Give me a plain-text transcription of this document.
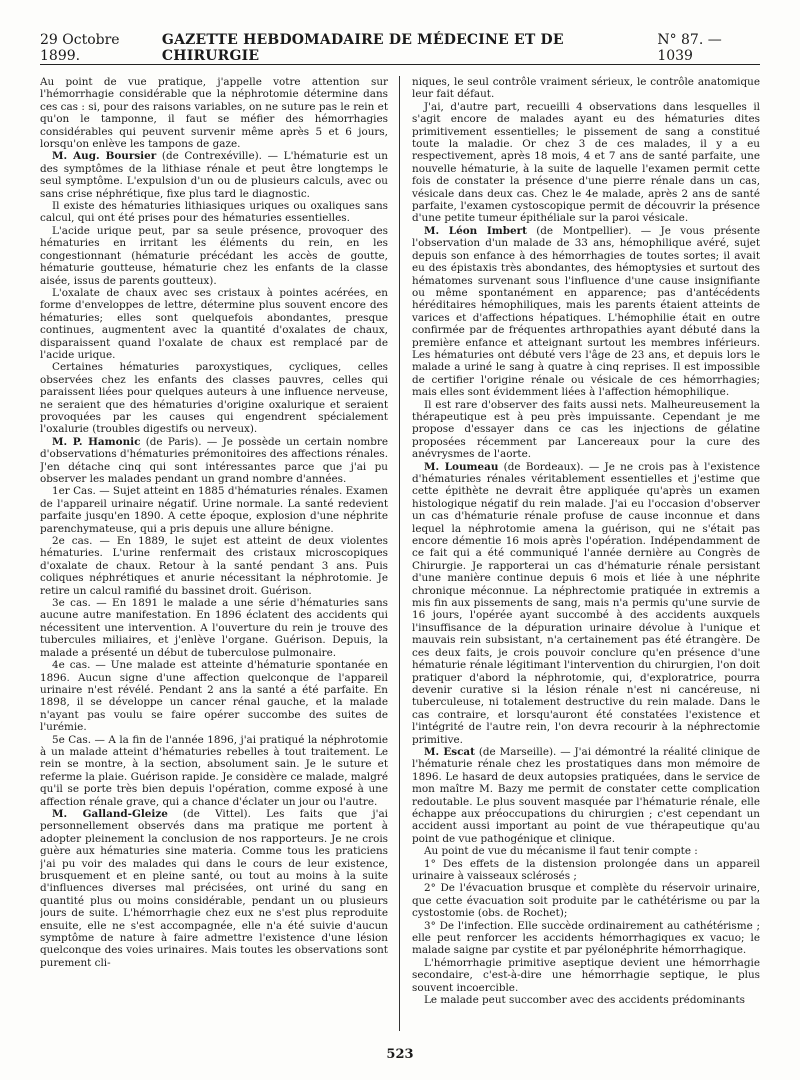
29 Octobre 1899.
GAZETTE HEBDOMADAIRE DE MÉDECINE ET DE CHIRURGIE
N° 87. — 1039

Au point de vue pratique, j'appelle votre attention sur l'hémorrhagie considérable que la néphrotomie détermine dans ces cas : si, pour des raisons variables, on ne suture pas le rein et qu'on le tamponne, il faut se méfier des hémorrhagies considérables qui peuvent survenir même après 5 et 6 jours, lorsqu'on enlève les tampons de gaze.

M. Aug. Boursier (de Contrexéville). — L'hématurie est un des symptômes de la lithiase rénale et peut être longtemps le seul symptôme. L'expulsion d'un ou de plusieurs calculs, avec ou sans crise néphrétique, fixe plus tard le diagnostic.

Il existe des hématuries lithiasiques uriques ou oxaliques sans calcul, qui ont été prises pour des hématuries essentielles.

L'acide urique peut, par sa seule présence, provoquer des hématuries en irritant les éléments du rein, en les congestionnant (hématurie précédant les accès de goutte, hématurie goutteuse, hématurie chez les enfants de la classe aisée, issus de parents goutteux).

L'oxalate de chaux avec ses cristaux à pointes acérées, en forme d'enveloppes de lettre, détermine plus souvent encore des hématuries; elles sont quelquefois abondantes, presque continues, augmentent avec la quantité d'oxalates de chaux, disparaissent quand l'oxalate de chaux est remplacé par de l'acide urique.

Certaines hématuries paroxystiques, cycliques, celles observées chez les enfants des classes pauvres, celles qui paraissent liées pour quelques auteurs à une influence nerveuse, ne seraient que des hématuries d'origine oxalurique et seraient provoquées par les causes qui engendrent spécialement l'oxalurie (troubles digestifs ou nerveux).

M. P. Hamonic (de Paris). — Je possède un certain nombre d'observations d'hématuries prémonitoires des affections rénales. J'en détache cinq qui sont intéressantes parce que j'ai pu observer les malades pendant un grand nombre d'années.

1er Cas. — Sujet atteint en 1885 d'hématuries rénales. Examen de l'appareil urinaire négatif. Urine normale. La santé redevient parfaite jusqu'en 1890. A cette époque, explosion d'une néphrite parenchymateuse, qui a pris depuis une allure bénigne.

2e cas. — En 1889, le sujet est atteint de deux violentes hématuries. L'urine renfermait des cristaux microscopiques d'oxalate de chaux. Retour à la santé pendant 3 ans. Puis coliques néphrétiques et anurie nécessitant la néphrotomie. Je retire un calcul ramifié du bassinet droit. Guérison.

3e cas. — En 1891 le malade a une série d'hématuries sans aucune autre manifestation. En 1896 éclatent des accidents qui nécessitent une intervention. A l'ouverture du rein je trouve des tubercules miliaires, et j'enlève l'organe. Guérison. Depuis, la malade a présenté un début de tuberculose pulmonaire.

4e cas. — Une malade est atteinte d'hématurie spontanée en 1896. Aucun signe d'une affection quelconque de l'appareil urinaire n'est révélé. Pendant 2 ans la santé a été parfaite. En 1898, il se développe un cancer rénal gauche, et la malade n'ayant pas voulu se faire opérer succombe des suites de l'urémie.

5e Cas. — A la fin de l'année 1896, j'ai pratiqué la néphrotomie à un malade atteint d'hématuries rebelles à tout traitement. Le rein se montre, à la section, absolument sain. Je le suture et referme la plaie. Guérison rapide. Je considère ce malade, malgré qu'il se porte très bien depuis l'opération, comme exposé à une affection rénale grave, qui a chance d'éclater un jour ou l'autre.

M. Galland-Gleize (de Vittel). Les faits que j'ai personnellement observés dans ma pratique me portent à adopter pleinement la conclusion de nos rapporteurs. Je ne crois guère aux hématuries sine materia. Comme tous les praticiens j'ai pu voir des malades qui dans le cours de leur existence, brusquement et en pleine santé, ou tout au moins à la suite d'influences diverses mal précisées, ont uriné du sang en quantité plus ou moins considérable, pendant un ou plusieurs jours de suite. L'hémorrhagie chez eux ne s'est plus reproduite ensuite, elle ne s'est accompagnée, elle n'a été suivie d'aucun symptôme de nature à faire admettre l'existence d'une lésion quelconque des voies urinaires. Mais toutes les observations sont purement cli-

niques, le seul contrôle vraiment sérieux, le contrôle anatomique leur fait défaut.

J'ai, d'autre part, recueilli 4 observations dans lesquelles il s'agit encore de malades ayant eu des hématuries dites primitivement essentielles; le pissement de sang a constitué toute la maladie. Or chez 3 de ces malades, il y a eu respectivement, après 18 mois, 4 et 7 ans de santé parfaite, une nouvelle hématurie, à la suite de laquelle l'examen permit cette fois de constater la présence d'une pierre rénale dans un cas, vésicale dans deux cas. Chez le 4e malade, après 2 ans de santé parfaite, l'examen cystoscopique permit de découvrir la présence d'une petite tumeur épithéliale sur la paroi vésicale.

M. Léon Imbert (de Montpellier). — Je vous présente l'observation d'un malade de 33 ans, hémophilique avéré, sujet depuis son enfance à des hémorrhagies de toutes sortes; il avait eu des épistaxis très abondantes, des hémoptysies et surtout des hématomes survenant sous l'influence d'une cause insignifiante ou même spontanément en apparence; pas d'antécédents héréditaires hémophiliques, mais les parents étaient atteints de varices et d'affections hépatiques. L'hémophilie était en outre confirmée par de fréquentes arthropathies ayant débuté dans la première enfance et atteignant surtout les membres inférieurs. Les hématuries ont débuté vers l'âge de 23 ans, et depuis lors le malade a uriné le sang à quatre à cinq reprises. Il est impossible de certifier l'origine rénale ou vésicale de ces hémorrhagies; mais elles sont évidemment liées à l'affection hémophilique.

Il est rare d'observer des faits aussi nets. Malheureusement la thérapeutique est à peu près impuissante. Cependant je me propose d'essayer dans ce cas les injections de gélatine proposées récemment par Lancereaux pour la cure des anévrysmes de l'aorte.

M. Loumeau (de Bordeaux). — Je ne crois pas à l'existence d'hématuries rénales véritablement essentielles et j'estime que cette épithète ne devrait être appliquée qu'après un examen histologique négatif du rein malade. J'ai eu l'occasion d'observer un cas d'hématurie rénale profuse de cause inconnue et dans lequel la néphrotomie amena la guérison, qui ne s'était pas encore démentie 16 mois après l'opération. Indépendamment de ce fait qui a été communiqué l'année dernière au Congrès de Chirurgie. Je rapporterai un cas d'hématurie rénale persistant d'une manière continue depuis 6 mois et liée à une néphrite chronique méconnue. La néphrectomie pratiquée in extremis a mis fin aux pissements de sang, mais n'a permis qu'une survie de 16 jours, l'opérée ayant succombé à des accidents auxquels l'insuffisance de la dépuration urinaire dévolue à l'unique et mauvais rein subsistant, n'a certainement pas été étrangère. De ces deux faits, je crois pouvoir conclure qu'en présence d'une hématurie rénale légitimant l'intervention du chirurgien, l'on doit pratiquer d'abord la néphrotomie, qui, d'exploratrice, pourra devenir curative si la lésion rénale n'est ni cancéreuse, ni tuberculeuse, ni totalement destructive du rein malade. Dans le cas contraire, et lorsqu'auront été constatées l'existence et l'intégrité de l'autre rein, l'on devra recourir à la néphrectomie primitive.

M. Escat (de Marseille). — J'ai démontré la réalité clinique de l'hématurie rénale chez les prostatiques dans mon mémoire de 1896. Le hasard de deux autopsies pratiquées, dans le service de mon maître M. Bazy me permit de constater cette complication redoutable. Le plus souvent masquée par l'hématurie rénale, elle échappe aux préoccupations du chirurgien ; c'est cependant un accident aussi important au point de vue thérapeutique qu'au point de vue pathogénique et clinique.

Au point de vue du mécanisme il faut tenir compte :

1° Des effets de la distension prolongée dans un appareil urinaire à vaisseaux sclérosés ;

2° De l'évacuation brusque et complète du réservoir urinaire, que cette évacuation soit produite par le cathétérisme ou par la cystostomie (obs. de Rochet);

3° De l'infection. Elle succède ordinairement au cathétérisme ; elle peut renforcer les accidents hémorrhagiques ex vacuo; le malade saigne par cystite et par pyélonéphrite hémorrhagique.

L'hémorrhagie primitive aseptique devient une hémorrhagie secondaire, c'est-à-dire une hémorrhagie septique, le plus souvent incoercible.

Le malade peut succomber avec des accidents prédominants

523
